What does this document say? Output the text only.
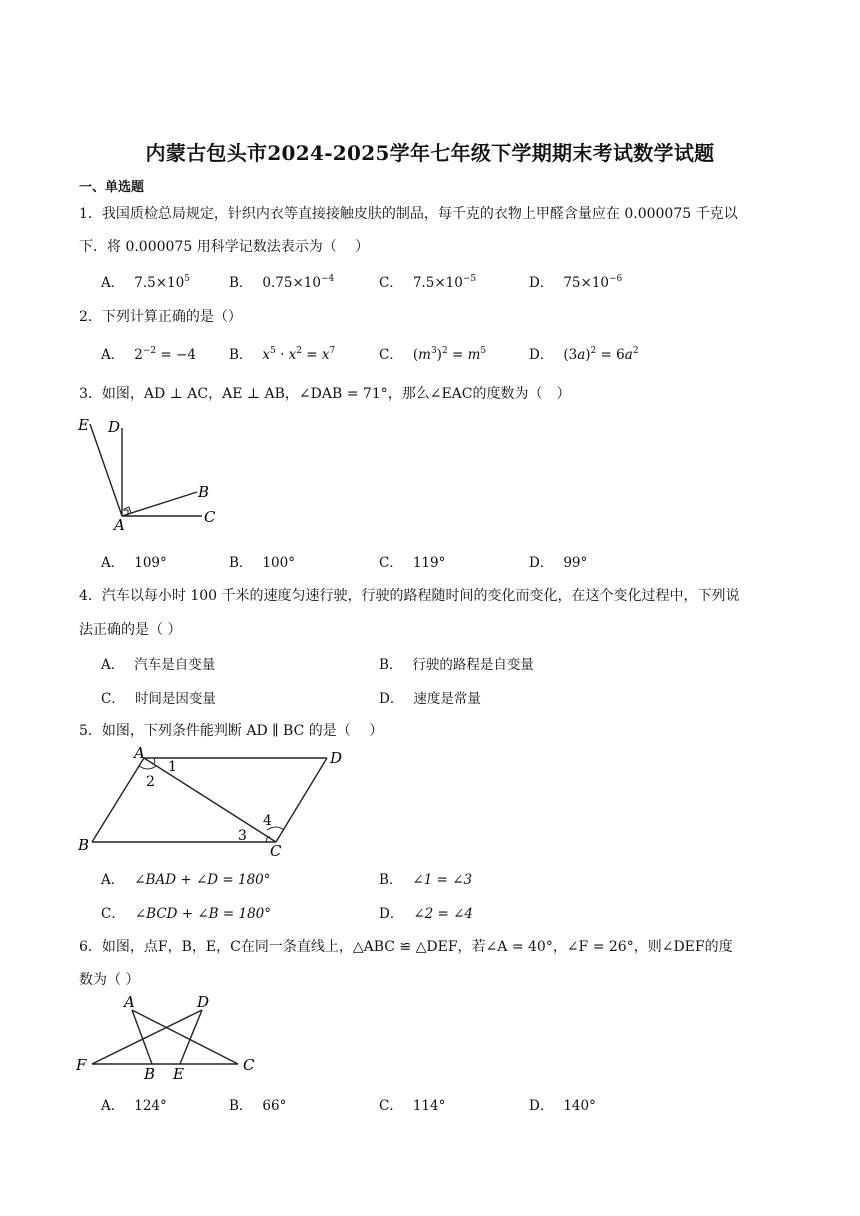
内蒙古包头市2024-2025学年七年级下学期期末考试数学试题
一、单选题
1．我国质检总局规定，针织内衣等直接接触皮肤的制品，每千克的衣物上甲醛含量应在 0.000075 千克以
下．将 0.000075 用科学记数法表示为（　 ）
A． $7.5\times 10^5$	B． $0.75\times 10^{-4}$	C． $7.5\times 10^{-5}$	D． $75\times 10^{-6}$
2．下列计算正确的是（）
A． $2^{-2} = -4$ B． $x^5 \cdot x^2 = x^7$	C． $(m^3)^2 = m^5$	D． $(3a)^2 = 6a^2$
3．如图，AD ⊥ AC，AE ⊥ AB，∠DAB = 71°，那么∠EAC的度数为（　）
E D
B
C
A
A． 109°	B． 100°	C． 119°	D． 99°
4．汽车以每小时 100 千米的速度匀速行驶，行驶的路程随时间的变化而变化，在这个变化过程中，下列说
法正确的是（ ）
A． 汽车是自变量	B． 行驶的路程是自变量
C． 时间是因变量	D． 速度是常量
5．如图，下列条件能判断 AD ∥ BC 的是（　 ）
A	D
B	C
1
2
3
4
A． ∠BAD + ∠D = 180°	B． ∠1 = ∠3
C． ∠BCD + ∠B = 180°	D． ∠2 = ∠4
6．如图，点F，B，E，C在同一条直线上，△ABC ≌ △DEF，若∠A = 40°，∠F = 26°，则∠DEF的度
数为（ ）
A	D
F	B E	C
A． 124°	B． 66°	C． 114°	D． 140°
